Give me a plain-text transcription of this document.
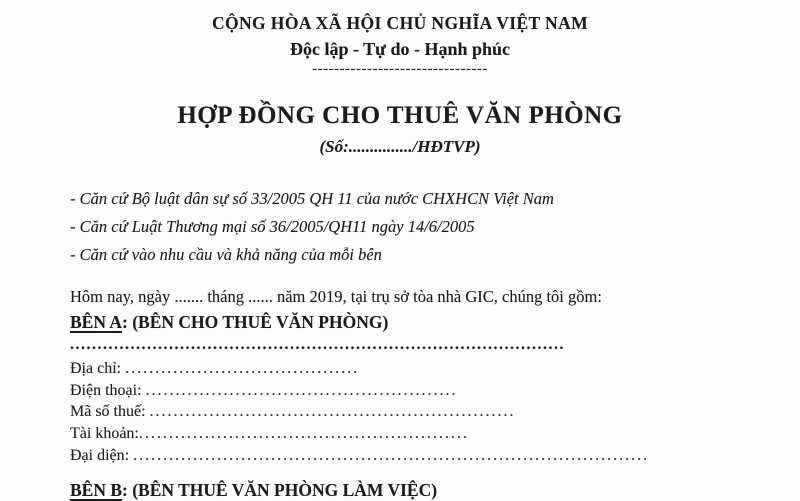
CỘNG HÒA XÃ HỘI CHỦ NGHĨA VIỆT NAM
Độc lập - Tự do - Hạnh phúc
--------------------------------
HỢP ĐỒNG CHO THUÊ VĂN PHÒNG
(Số:.............../HĐTVP)
- Căn cứ Bộ luật dân sự số 33/2005 QH 11 của nước CHXHCN Việt Nam
- Căn cứ Luật Thương mại số 36/2005/QH11 ngày 14/6/2005
- Căn cứ vào nhu cầu và khả năng của mỗi bên
Hôm nay, ngày ....... tháng ...... năm 2019, tại trụ sở tòa nhà GIC, chúng tôi gồm:
BÊN A: (BÊN CHO THUÊ VĂN PHÒNG)
..........................................................................................
Địa chỉ: .......................................
Điện thoại: ....................................................
Mã số thuế: .............................................................
Tài khoản:.......................................................
Đại diện: ......................................................................................
BÊN B: (BÊN THUÊ VĂN PHÒNG LÀM VIỆC)
